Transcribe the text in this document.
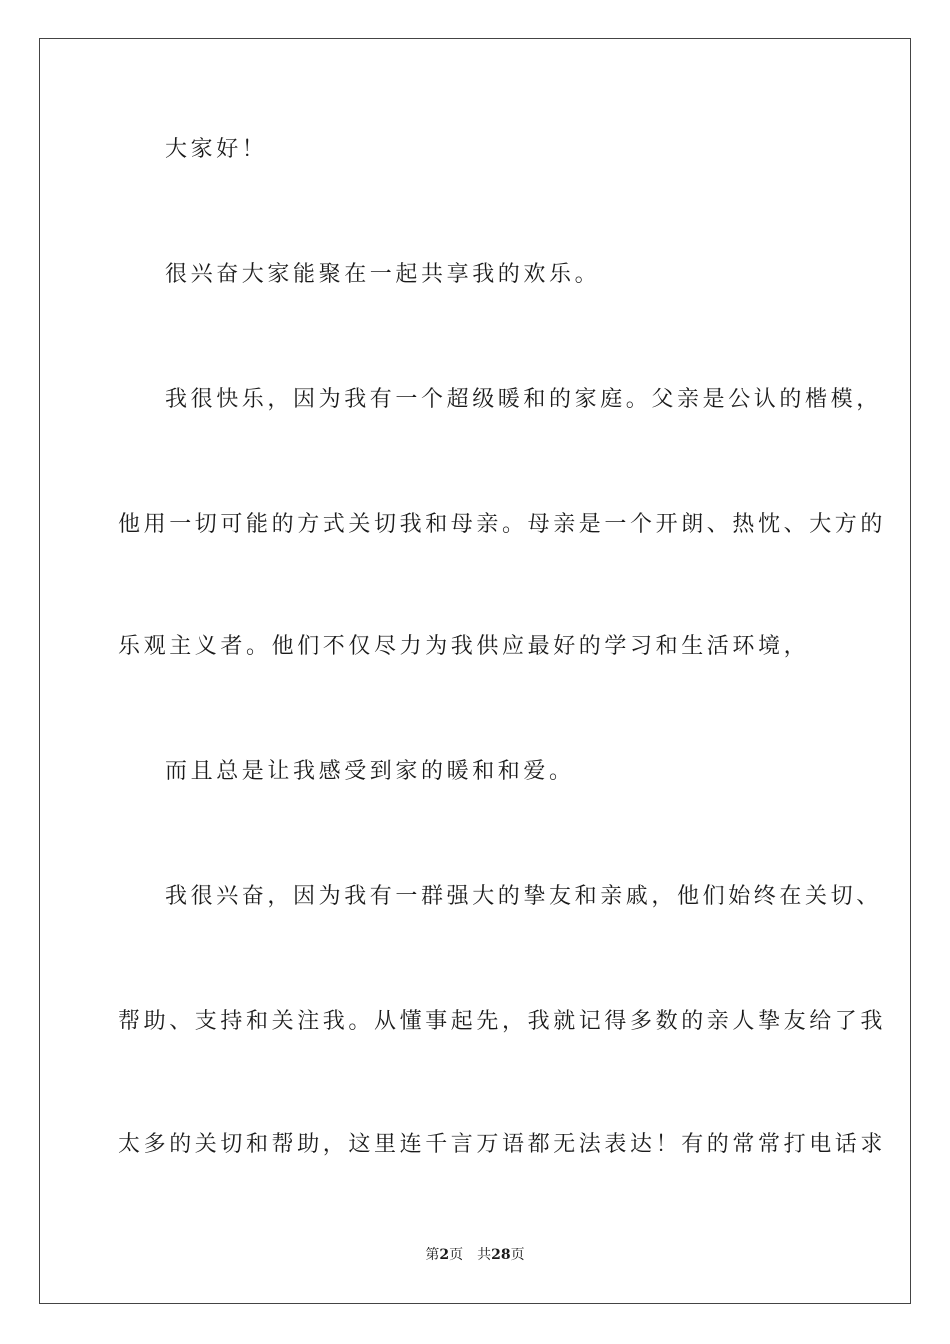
大家好！
很兴奋大家能聚在一起共享我的欢乐。
我很快乐，因为我有一个超级暖和的家庭。父亲是公认的楷模，
他用一切可能的方式关切我和母亲。母亲是一个开朗、热忱、大方的
乐观主义者。他们不仅尽力为我供应最好的学习和生活环境，
而且总是让我感受到家的暖和和爱。
我很兴奋，因为我有一群强大的挚友和亲戚，他们始终在关切、
帮助、支持和关注我。从懂事起先，我就记得多数的亲人挚友给了我
太多的关切和帮助，这里连千言万语都无法表达！有的常常打电话求
第2页 共28页
